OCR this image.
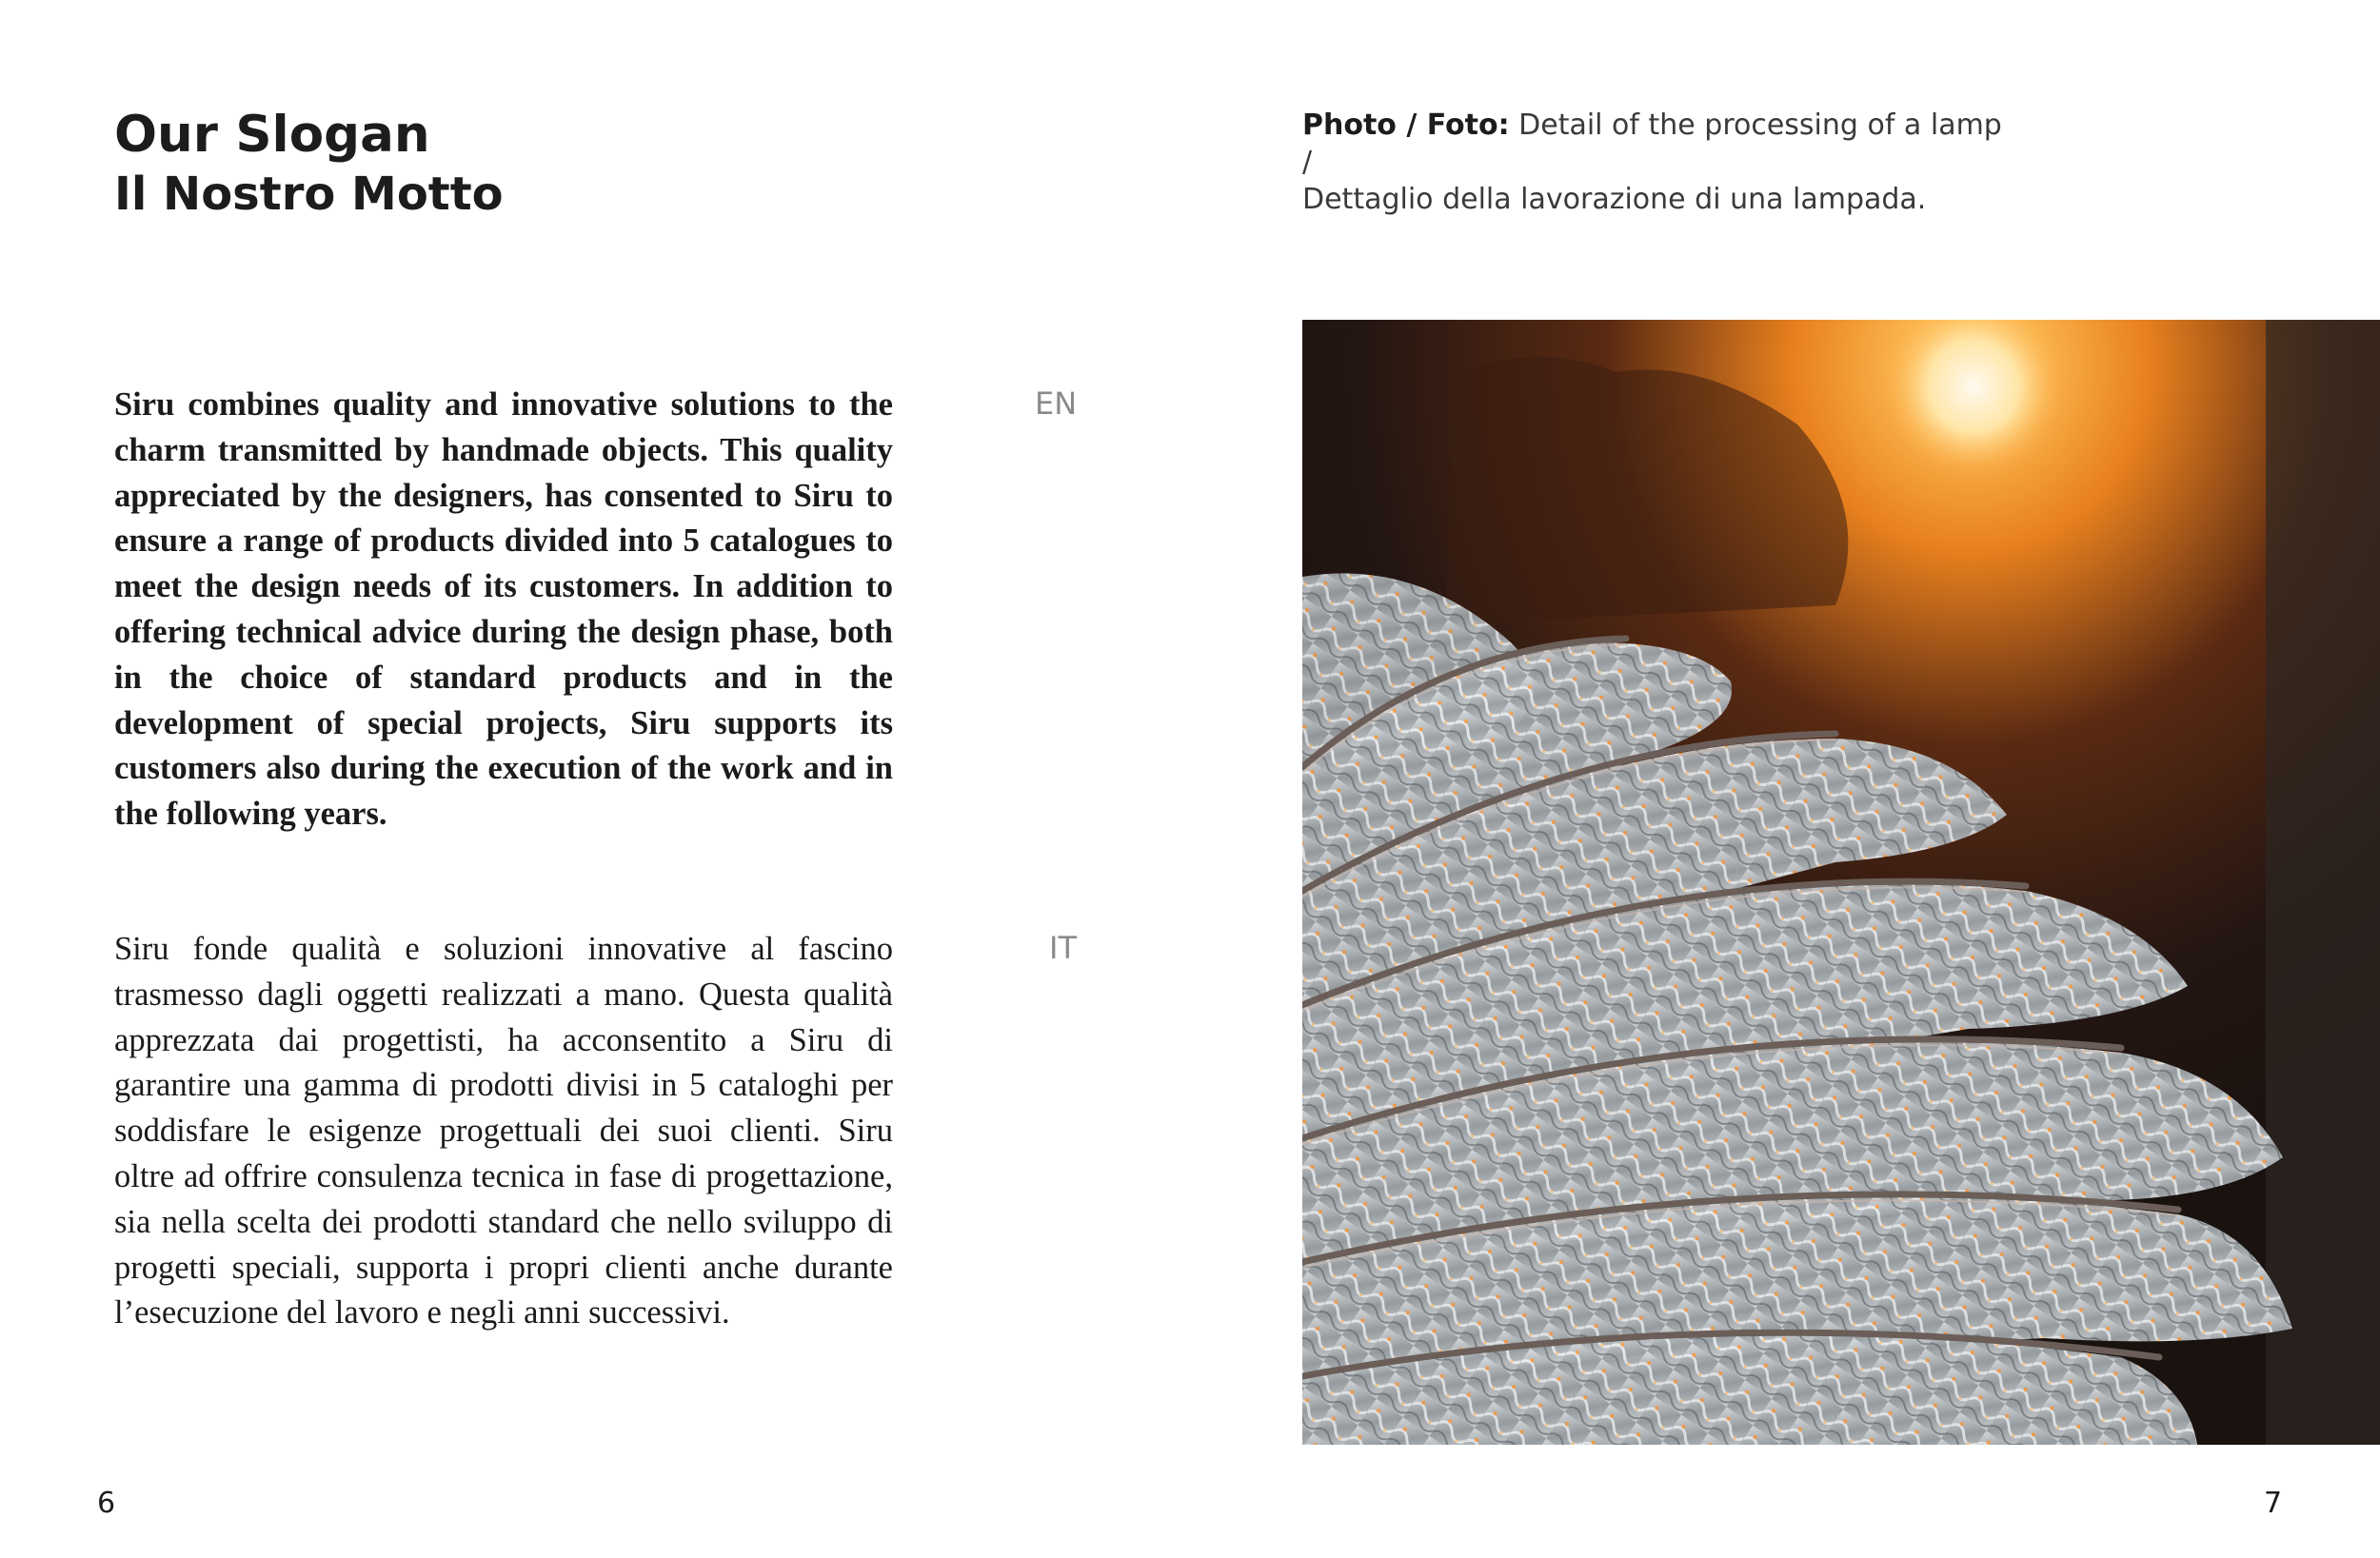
Our Slogan
Il Nostro Motto

Siru combines quality and innovative solutions to the charm transmitted by handmade objects. This quality appreciated by the designers, has consented to Siru to ensure a range of products divided into 5 catalogues to meet the design needs of its customers. In addition to offering technical advice during the design phase, both in the choice of standard products and in the development of special projects, Siru supports its customers also during the execution of the work and in the following years.

EN

Siru fonde qualità e soluzioni innovative al fascino trasmesso dagli oggetti realizzati a mano. Questa qualità apprezzata dai progettisti, ha acconsentito a Siru di garantire una gamma di prodotti divisi in 5 cataloghi per soddisfare le esigenze progettuali dei suoi clienti. Siru oltre ad offrire consulenza tecnica in fase di progettazione, sia nella scelta dei prodotti standard che nello sviluppo di progetti speciali, supporta i propri clienti anche durante l’esecuzione del lavoro e negli anni successivi.

IT
Photo / Foto: Detail of the processing of a lamp /
Dettaglio della lavorazione di una lampada.
6	7
